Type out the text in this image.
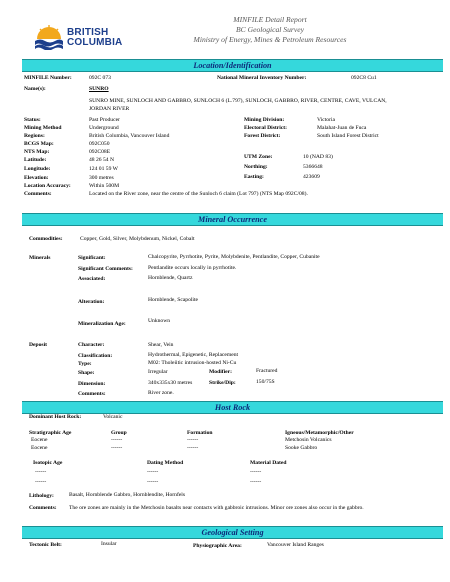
BRITISH
COLUMBIA
MINFILE Detail Report
BC Geological Survey
Ministry of Energy, Mines & Petroleum Resources
Location/Identification
MINFILE Number:	092C 073	National Mineral Inventory Number:	092C8 Cu1
Name(s):	SUNRO
SUNRO MINE, SUNLOCH AND GABBRO, SUNLOCH 6 (L.797), SUNLOCH, GABBRO, RIVER, CENTRE, CAVE, VULCAN, JORDAN RIVER
Status:	Past Producer
Mining Method	Underground
Regions:	British Columbia, Vancouver Island
BCGS Map:	092C050
NTS Map:	092C08E
Latitude:	48 26 54 N
Longitude:	124 01 59 W
Elevation:	300 metres
Location Accuracy:	Within 500M
Comments:	Located on the River zone, near the centre of the Sunloch 6 claim (Lot 797) (NTS Map 092C/08).
Mining Division:	Victoria
Electoral District:	Malahat-Juan de Fuca
Forest District:	South Island Forest District
UTM Zone:	10 (NAD 83)
Northing:	5366648
Easting:	423609
Mineral Occurrence
Commodities:	Copper, Gold, Silver, Molybdenum, Nickel, Cobalt
Minerals	Significant:	Chalcopyrite, Pyrrhotite, Pyrite, Molybdenite, Pentlandite, Copper, Cubanite
Significant Comments:	Pentlandite occurs locally in pyrrhotite.
Associated:	Hornblende, Quartz
Alteration:	Hornblende, Scapolite
Mineralization Age:	Unknown
Deposit	Character:	Shear, Vein
Classification:	Hydrothermal, Epigenetic, Replacement
Type:	M02: Tholeiitic intrusion-hosted Ni-Cu
Shape:	Irregular	Modifier:	Fractured
Dimension:	340x335x30 metres	Strike/Dip:	150/75S
Comments:	River zone.
Host Rock
Dominant Host Rock:	Volcanic
Stratigraphic Age	Group	Formation	Igneous/Metamorphic/Other
Eocene	------	------	Metchosin Volcanics
Eocene	------	------	Sooke Gabbro
Isotopic Age	Dating Method	Material Dated
------	------	------
------	------	------
Lithology:	Basalt, Hornblende Gabbro, Hornblendite, Hornfels
Comments: The ore zones are mainly in the Metchosin basalts near contacts with gabbroic intrusions. Minor ore zones also occur in the gabbro.
Geological Setting
Tectonic Belt:	Insular	Physiographic Area:	Vancouver Island Ranges
